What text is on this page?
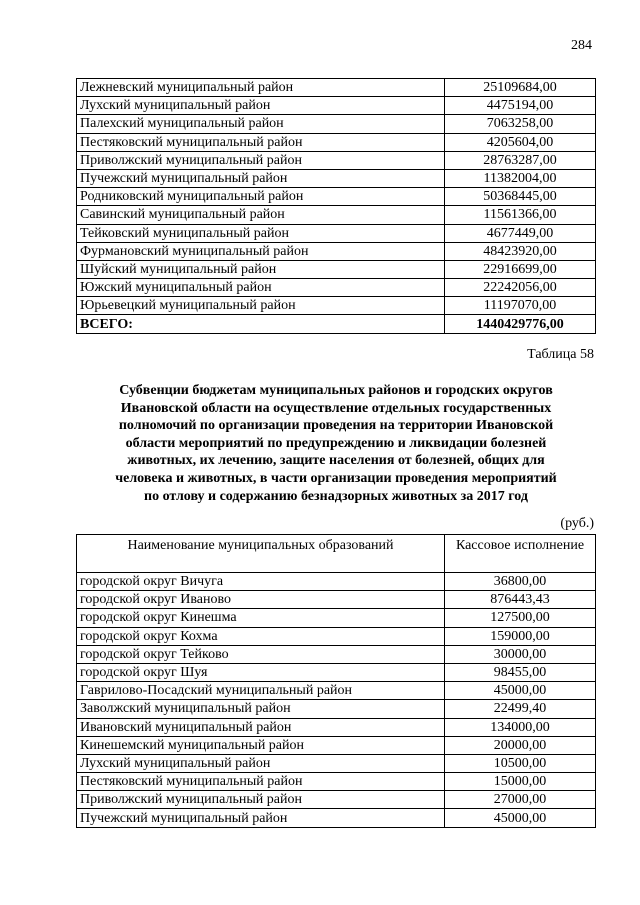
284
Лежневский муниципальный район	25109684,00
Лухский муниципальный район	4475194,00
Палехский муниципальный район	7063258,00
Пестяковский муниципальный район	4205604,00
Приволжский муниципальный район	28763287,00
Пучежский муниципальный район	11382004,00
Родниковский муниципальный район	50368445,00
Савинский муниципальный район	11561366,00
Тейковский муниципальный район	4677449,00
Фурмановский муниципальный район	48423920,00
Шуйский муниципальный район	22916699,00
Южский муниципальный район	22242056,00
Юрьевецкий муниципальный район	11197070,00
ВСЕГО:	1440429776,00
Таблица 58
Субвенции бюджетам муниципальных районов и городских округов
Ивановской области на осуществление отдельных государственных
полномочий по организации проведения на территории Ивановской
области мероприятий по предупреждению и ликвидации болезней
животных, их лечению, защите населения от болезней, общих для
человека и животных, в части организации проведения мероприятий
по отлову и содержанию безнадзорных животных за 2017 год
(руб.)
Наименование муниципальных образований	Кассовое исполнение
городской округ Вичуга	36800,00
городской округ Иваново	876443,43
городской округ Кинешма	127500,00
городской округ Кохма	159000,00
городской округ Тейково	30000,00
городской округ Шуя	98455,00
Гаврилово-Посадский муниципальный район	45000,00
Заволжский муниципальный район	22499,40
Ивановский муниципальный район	134000,00
Кинешемский муниципальный район	20000,00
Лухский муниципальный район	10500,00
Пестяковский муниципальный район	15000,00
Приволжский муниципальный район	27000,00
Пучежский муниципальный район	45000,00
